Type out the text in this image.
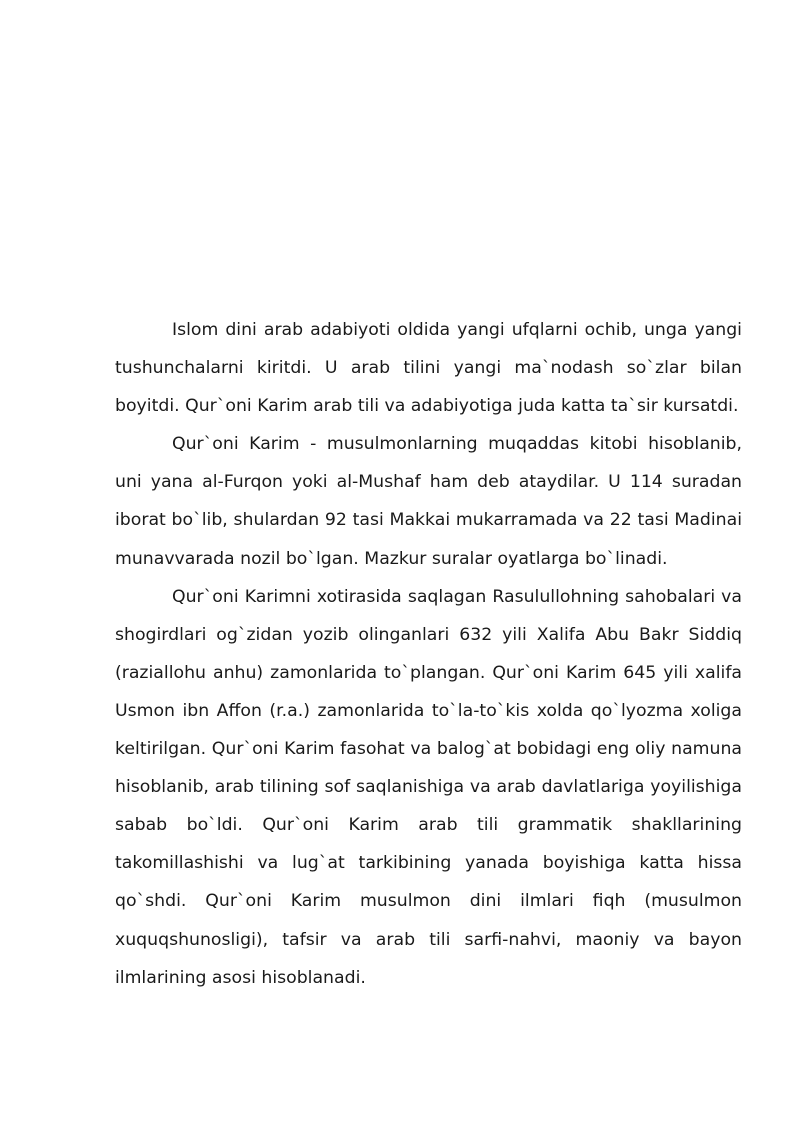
Islom dini arab adabiyoti oldida yangi ufqlarni ochib, unga yangi tushunchalarni kiritdi. U arab tilini yangi ma`nodash so`zlar bilan boyitdi. Qur`oni Karim arab tili va adabiyotiga juda katta ta`sir kursatdi.

Qur`oni Karim - musulmonlarning muqaddas kitobi hisoblanib, uni yana al-Furqon yoki al-Mushaf ham deb ataydilar. U 114 suradan iborat bo`lib, shulardan 92 tasi Makkai mukarramada va 22 tasi Madinai munavvarada nozil bo`lgan. Mazkur suralar oyatlarga bo`linadi.

Qur`oni Karimni xotirasida saqlagan Rasulullohning sahobalari va shogirdlari og`zidan yozib olinganlari 632 yili Xalifa Abu Bakr Siddiq (raziallohu anhu) zamonlarida to`plangan. Qur`oni Karim 645 yili xalifa Usmon ibn Affon (r.a.) zamonlarida to`la-to`kis xolda qo`lyozma xoliga keltirilgan. Qur`oni Karim fasohat va balog`at bobidagi eng oliy namuna hisoblanib, arab tilining sof saqlanishiga va arab davlatlariga yoyilishiga sabab bo`ldi. Qur`oni Karim arab tili grammatik shakllarining takomillashishi va lug`at tarkibining yanada boyishiga katta hissa qo`shdi. Qur`oni Karim musulmon dini ilmlari fiqh (musulmon xuquqshunosligi), tafsir va arab tili sarfi-nahvi, maoniy va bayon ilmlarining asosi hisoblanadi.
